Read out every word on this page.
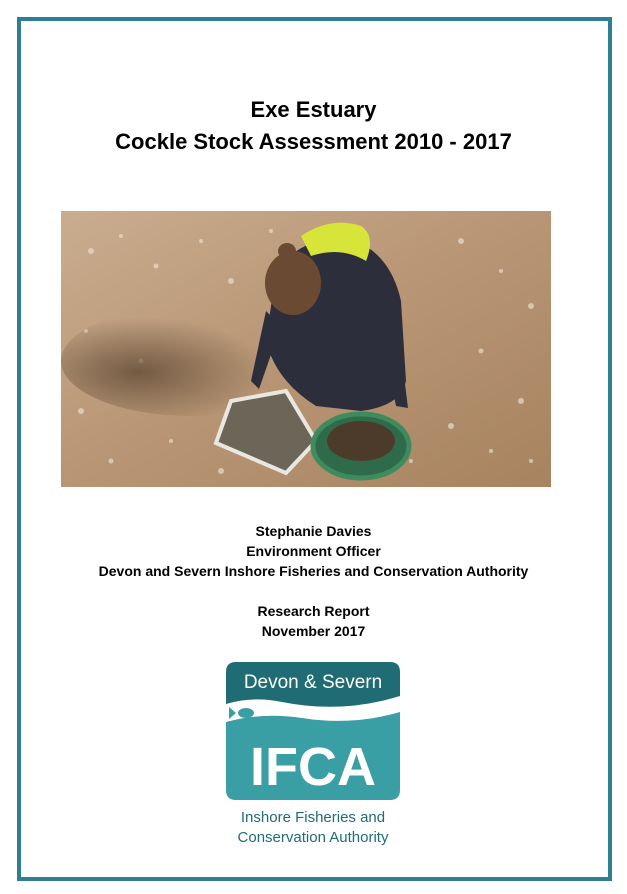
Exe Estuary
Cockle Stock Assessment 2010 - 2017
Stephanie Davies
Environment Officer
Devon and Severn Inshore Fisheries and Conservation Authority
Research Report
November 2017
Devon & Severn
IFCA
Inshore Fisheries and
Conservation Authority
